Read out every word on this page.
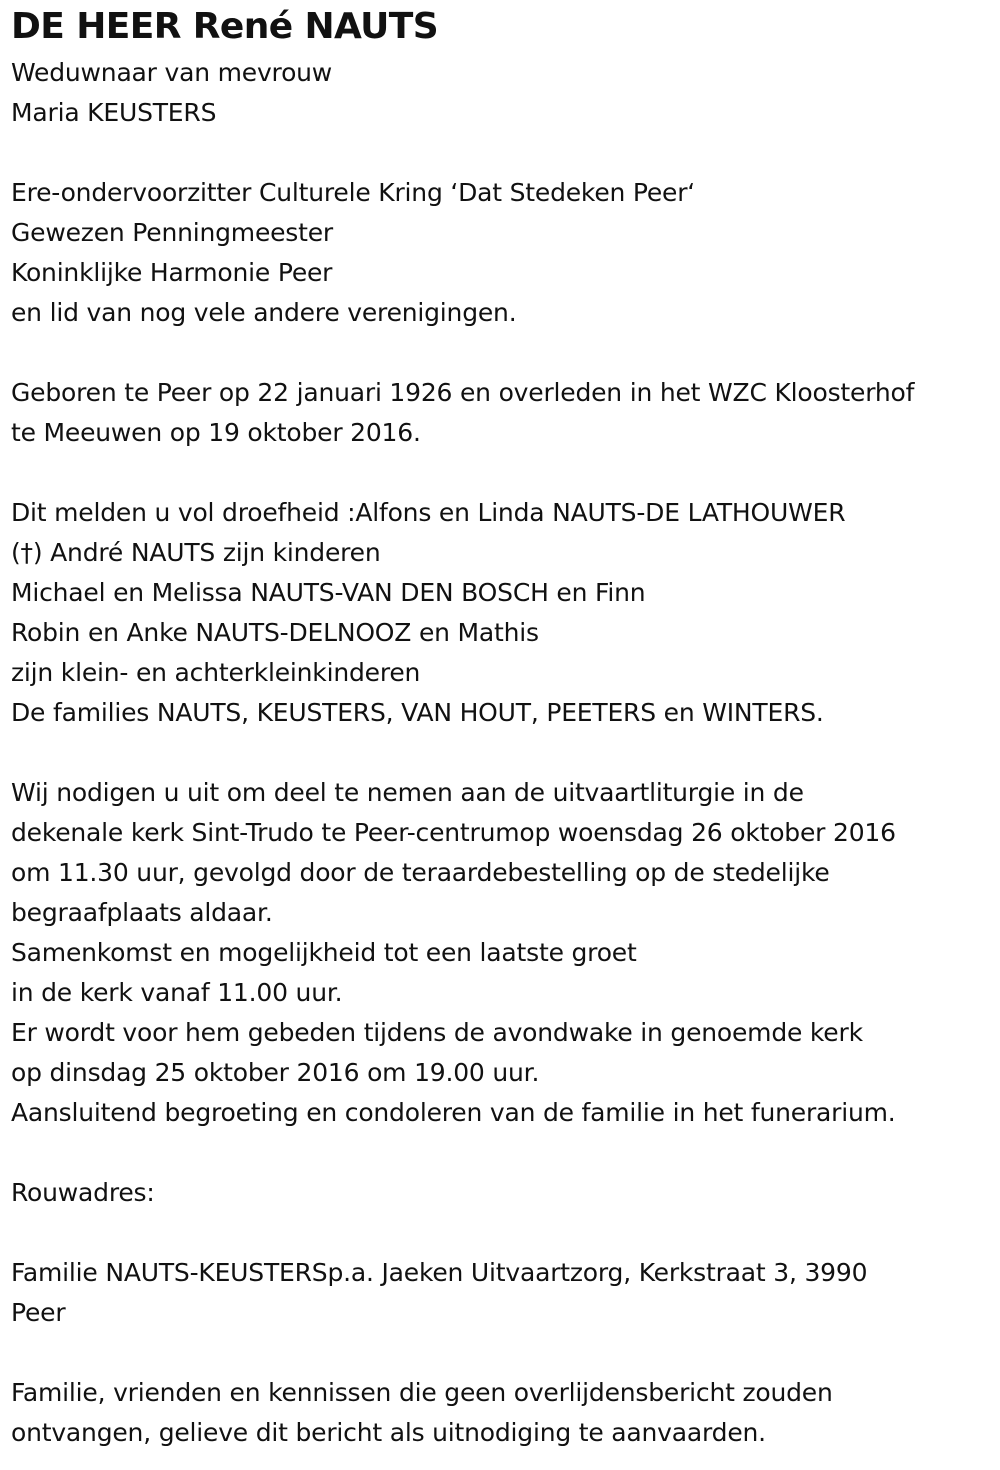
DE HEER René NAUTS
Weduwnaar van mevrouw
Maria KEUSTERS
Ere-ondervoorzitter Culturele Kring ‘Dat Stedeken Peer‘
Gewezen Penningmeester
Koninklijke Harmonie Peer
en lid van nog vele andere verenigingen.
Geboren te Peer op 22 januari 1926 en overleden in het WZC Kloosterhof
te Meeuwen op 19 oktober 2016.
Dit melden u vol droefheid :Alfons en Linda NAUTS-DE LATHOUWER
(†) André NAUTS zijn kinderen
Michael en Melissa NAUTS-VAN DEN BOSCH en Finn
Robin en Anke NAUTS-DELNOOZ en Mathis
zijn klein- en achterkleinkinderen
De families NAUTS, KEUSTERS, VAN HOUT, PEETERS en WINTERS.
Wij nodigen u uit om deel te nemen aan de uitvaartliturgie in de
dekenale kerk Sint-Trudo te Peer-centrumop woensdag 26 oktober 2016
om 11.30 uur, gevolgd door de teraardebestelling op de stedelijke
begraafplaats aldaar.
Samenkomst en mogelijkheid tot een laatste groet
in de kerk vanaf 11.00 uur.
Er wordt voor hem gebeden tijdens de avondwake in genoemde kerk
op dinsdag 25 oktober 2016 om 19.00 uur.
Aansluitend begroeting en condoleren van de familie in het funerarium.
Rouwadres:
Familie NAUTS-KEUSTERSp.a. Jaeken Uitvaartzorg, Kerkstraat 3, 3990
Peer
Familie, vrienden en kennissen die geen overlijdensbericht zouden
ontvangen, gelieve dit bericht als uitnodiging te aanvaarden.
